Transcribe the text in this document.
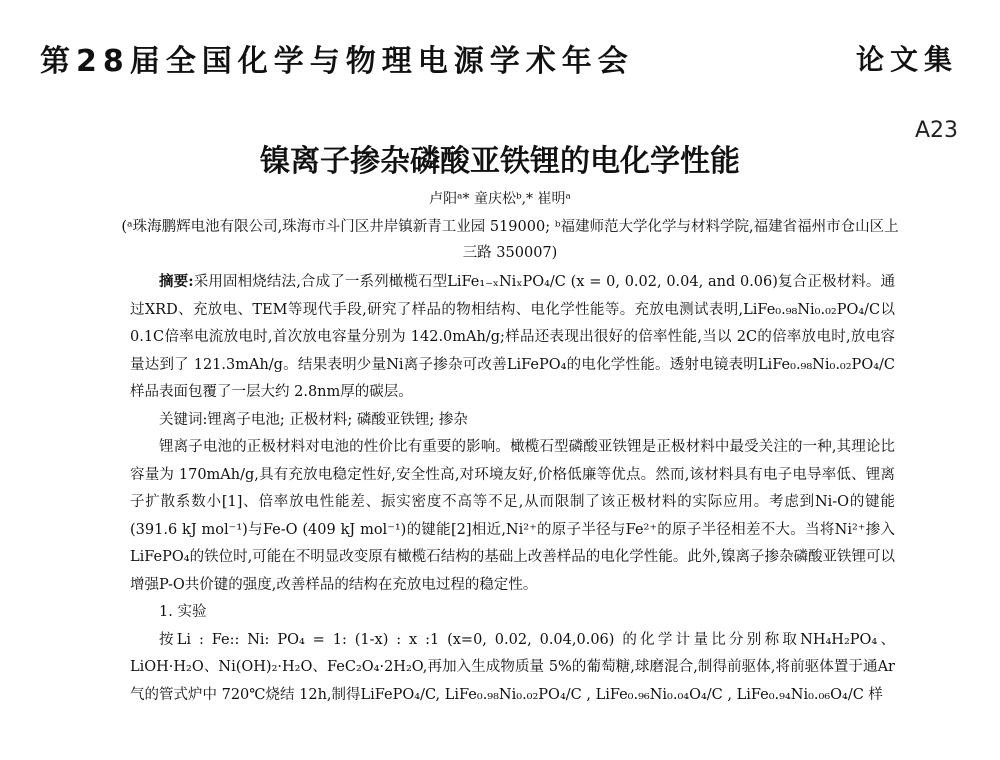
第28届全国化学与物理电源学术年会	论文集
A23
镍离子掺杂磷酸亚铁锂的电化学性能
卢阳ᵃ* 童庆松ᵇ,* 崔明ᵃ
(ᵃ珠海鹏辉电池有限公司,珠海市斗门区井岸镇新青工业园 519000; ᵇ福建师范大学化学与材料学院,福建省福州市仓山区上三路 350007)

摘要:采用固相烧结法,合成了一系列橄榄石型LiFe₁₋ₓNiₓPO₄/C (x = 0, 0.02, 0.04, and 0.06)复合正极材料。通过XRD、充放电、TEM等现代手段,研究了样品的物相结构、电化学性能等。充放电测试表明,LiFe₀.₉₈Ni₀.₀₂PO₄/C以 0.1C倍率电流放电时,首次放电容量分别为 142.0mAh/g;样品还表现出很好的倍率性能,当以 2C的倍率放电时,放电容量达到了 121.3mAh/g。结果表明少量Ni离子掺杂可改善LiFePO₄的电化学性能。透射电镜表明LiFe₀.₉₈Ni₀.₀₂PO₄/C样品表面包覆了一层大约 2.8nm厚的碳层。

关键词:锂离子电池; 正极材料; 磷酸亚铁锂; 掺杂

锂离子电池的正极材料对电池的性价比有重要的影响。橄榄石型磷酸亚铁锂是正极材料中最受关注的一种,其理论比容量为 170mAh/g,具有充放电稳定性好,安全性高,对环境友好,价格低廉等优点。然而,该材料具有电子电导率低、锂离子扩散系数小[1]、倍率放电性能差、振实密度不高等不足,从而限制了该正极材料的实际应用。考虑到Ni-O的键能(391.6 kJ mol⁻¹)与Fe-O (409 kJ mol⁻¹)的键能[2]相近,Ni²⁺的原子半径与Fe²⁺的原子半径相差不大。当将Ni²⁺掺入LiFePO₄的铁位时,可能在不明显改变原有橄榄石结构的基础上改善样品的电化学性能。此外,镍离子掺杂磷酸亚铁锂可以增强P-O共价键的强度,改善样品的结构在充放电过程的稳定性。

1. 实验

按Li : Fe:: Ni: PO₄ = 1: (1-x) : x :1 (x=0, 0.02, 0.04,0.06) 的化学计量比分别称取NH₄H₂PO₄、LiOH·H₂O、Ni(OH)₂·H₂O、FeC₂O₄·2H₂O,再加入生成物质量 5%的葡萄糖,球磨混合,制得前驱体,将前驱体置于通Ar气的管式炉中 720℃烧结 12h,制得LiFePO₄/C, LiFe₀.₉₈Ni₀.₀₂PO₄/C , LiFe₀.₉₆Ni₀.₀₄O₄/C , LiFe₀.₉₄Ni₀.₀₆O₄/C 样
